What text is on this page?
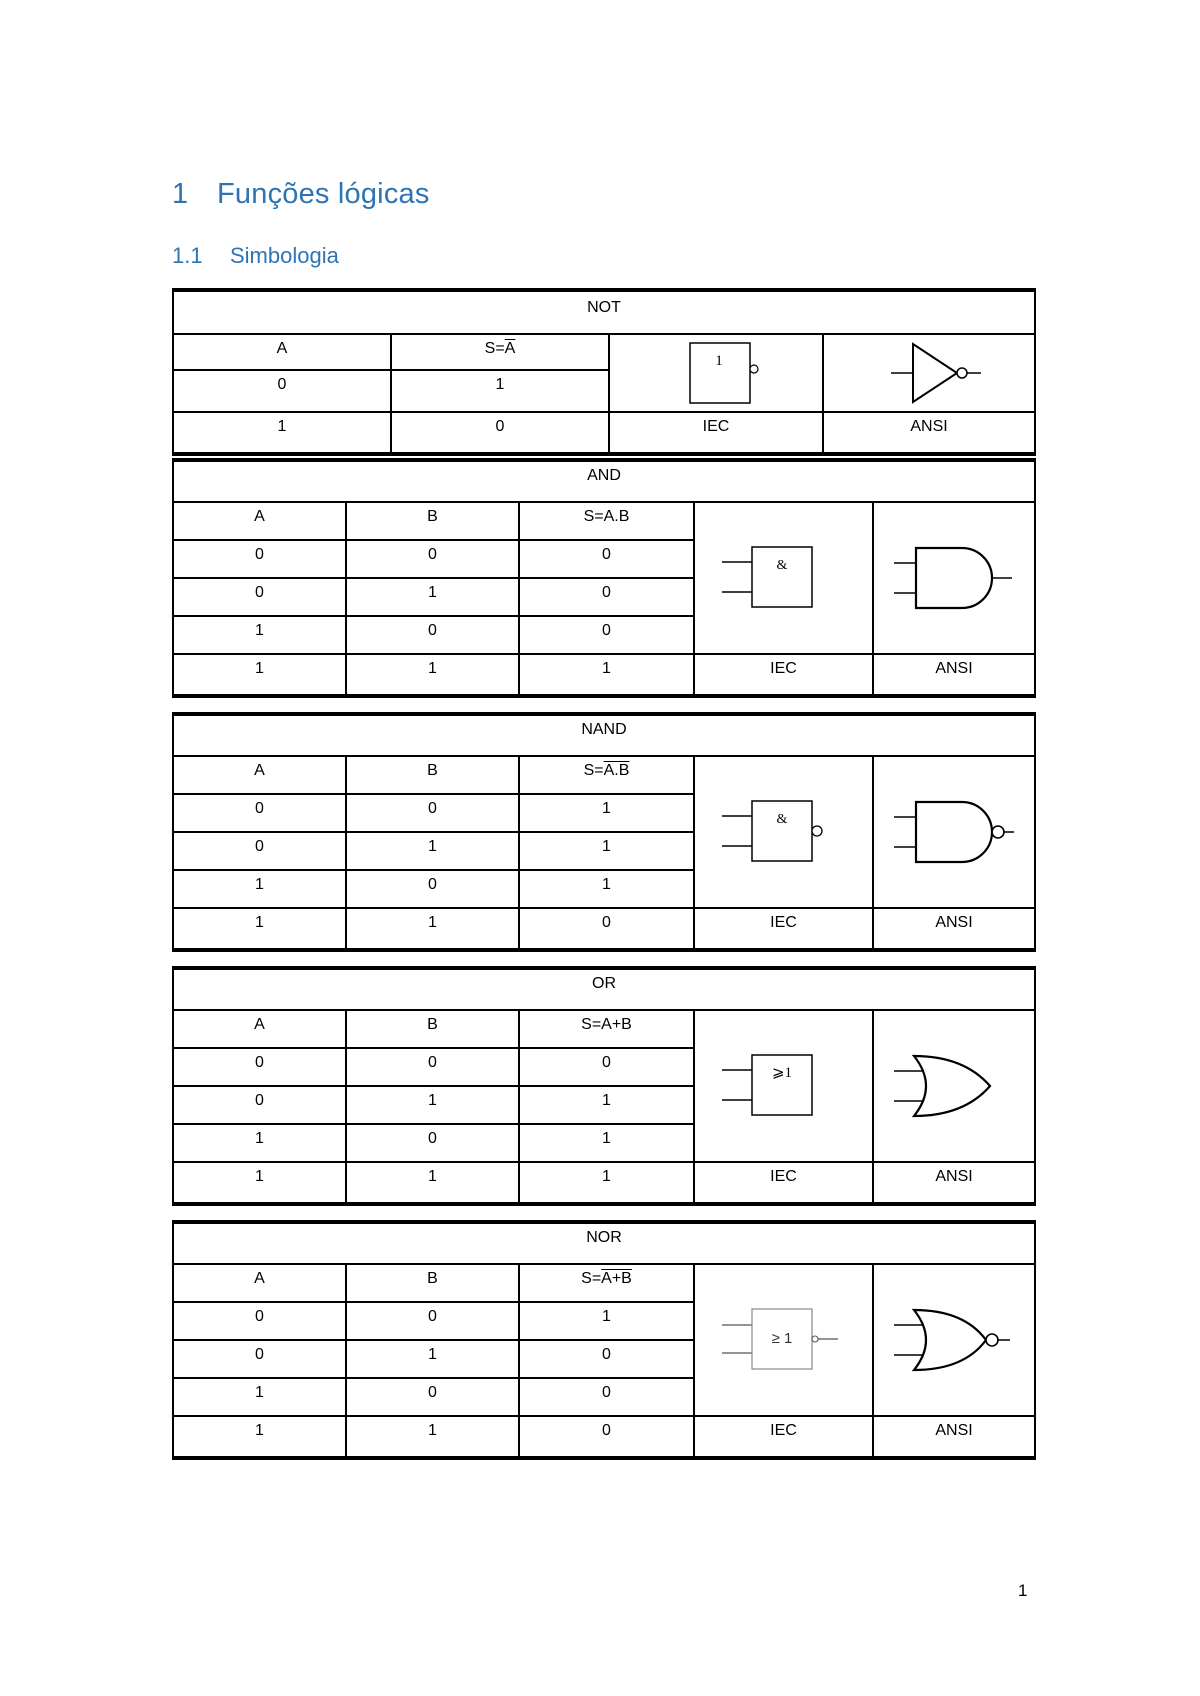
1 Funções lógicas
1.1 Simbologia
NOT			
A	$S=\overline{A}$	1

0	1		
1	0	IEC	ANSI
AND				
A	B	S=A.B	&

0	0	0		
0	1	0		
1	0	0		
1	1	1	IEC	ANSI
NAND				
A	B	S=A.B	&

0	0	1		
0	1	1		
1	0	1		
1	1	0	IEC	ANSI
OR				
A	B	S=A+B	⩾1

0	0	0		
0	1	1		
1	0	1		
1	1	1	IEC	ANSI
NOR				
A	B	S=A+B	≥ 1

0	0	1		
0	1	0		
1	0	0		
1	1	0	IEC	ANSI
1
